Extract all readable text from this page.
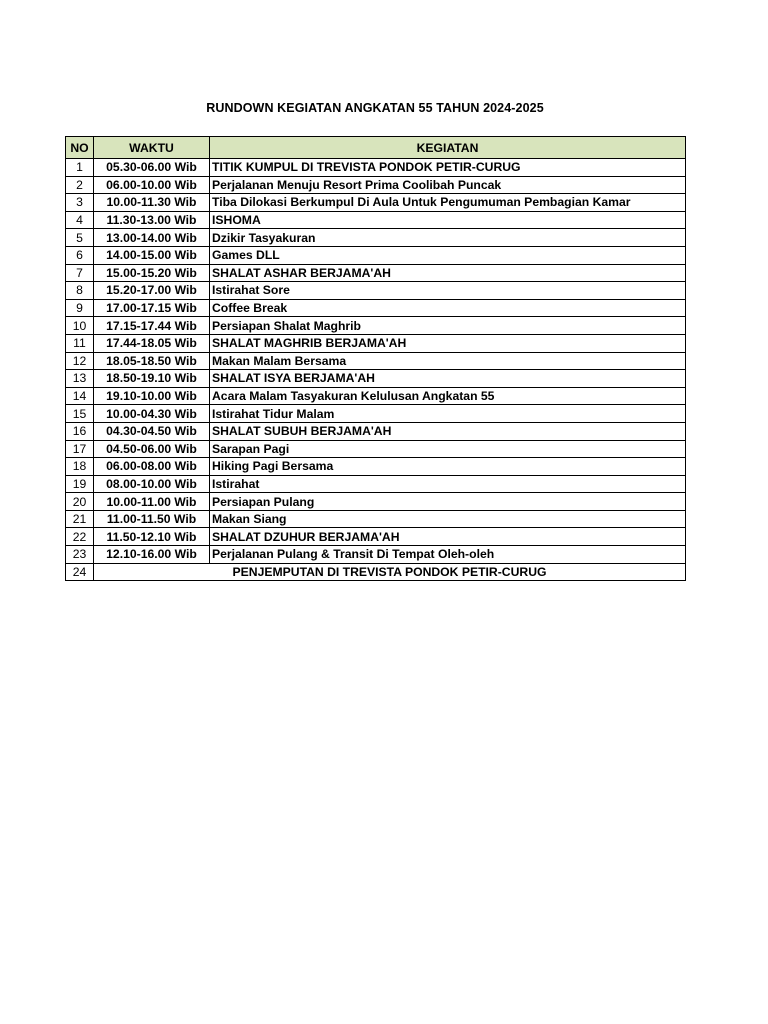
RUNDOWN KEGIATAN ANGKATAN 55 TAHUN 2024-2025
NO	WAKTU	KEGIATAN
1	05.30-06.00 Wib	TITIK KUMPUL DI TREVISTA PONDOK PETIR-CURUG
2	06.00-10.00 Wib	Perjalanan Menuju Resort Prima Coolibah Puncak
3	10.00-11.30 Wib	Tiba Dilokasi Berkumpul Di Aula Untuk Pengumuman Pembagian Kamar
4	11.30-13.00 Wib	ISHOMA
5	13.00-14.00 Wib	Dzikir Tasyakuran
6	14.00-15.00 Wib	Games DLL
7	15.00-15.20 Wib	SHALAT ASHAR BERJAMA'AH
8	15.20-17.00 Wib	Istirahat Sore
9	17.00-17.15 Wib	Coffee Break
10	17.15-17.44 Wib	Persiapan Shalat Maghrib
11	17.44-18.05 Wib	SHALAT MAGHRIB BERJAMA'AH
12	18.05-18.50 Wib	Makan Malam Bersama
13	18.50-19.10 Wib	SHALAT ISYA BERJAMA'AH
14	19.10-10.00 Wib	Acara Malam Tasyakuran Kelulusan Angkatan 55
15	10.00-04.30 Wib	Istirahat Tidur Malam
16	04.30-04.50 Wib	SHALAT SUBUH BERJAMA'AH
17	04.50-06.00 Wib	Sarapan Pagi
18	06.00-08.00 Wib	Hiking Pagi Bersama
19	08.00-10.00 Wib	Istirahat
20	10.00-11.00 Wib	Persiapan Pulang
21	11.00-11.50 Wib	Makan Siang
22	11.50-12.10 Wib	SHALAT DZUHUR BERJAMA'AH
23	12.10-16.00 Wib	Perjalanan Pulang & Transit Di Tempat Oleh-oleh
24	PENJEMPUTAN DI TREVISTA PONDOK PETIR-CURUG	
